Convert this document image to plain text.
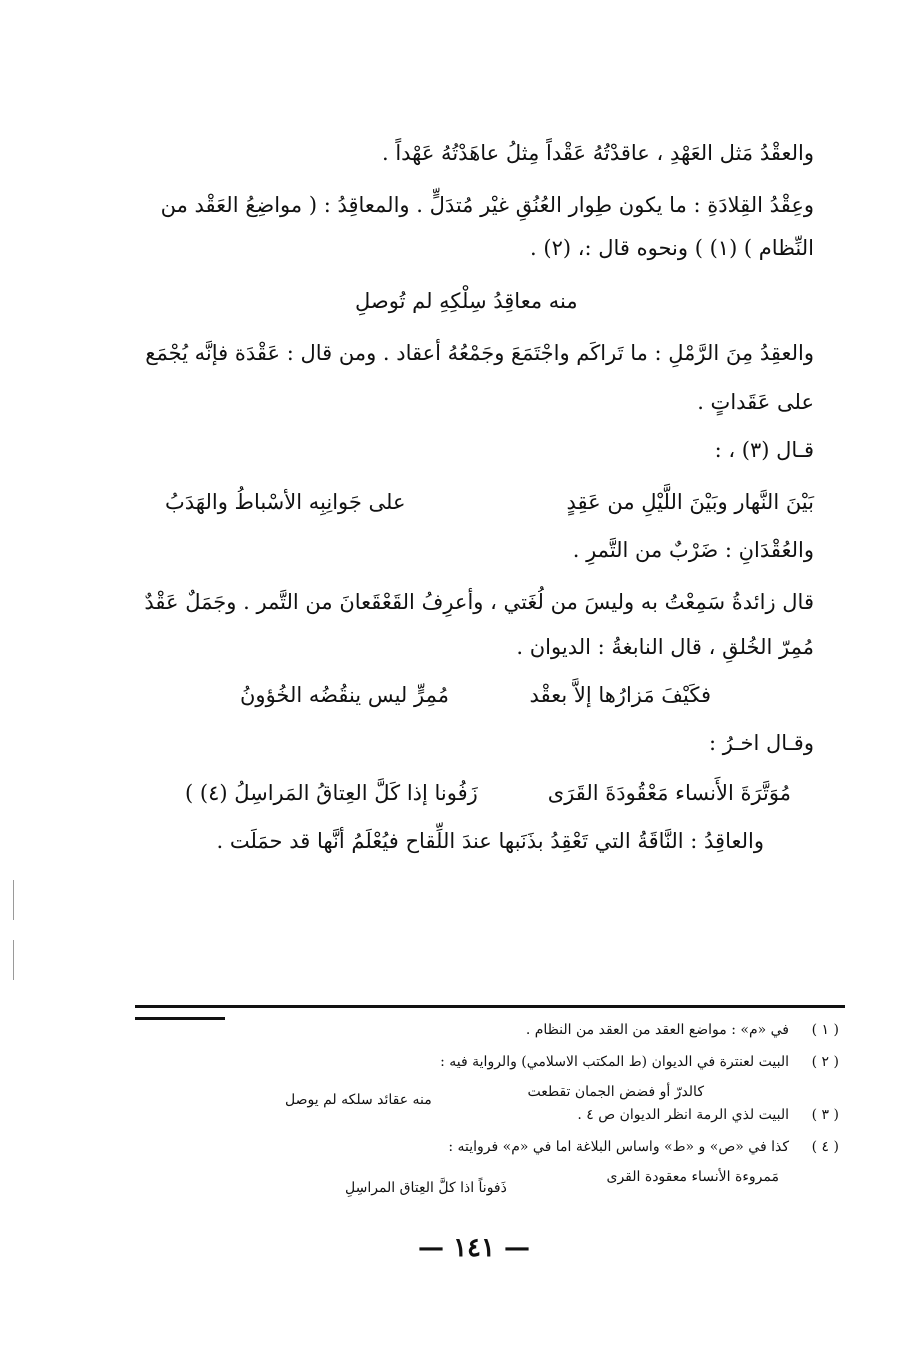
والعقْدُ مَثل العَهْدِ ، عاقدْتُهُ عَقْداً مِثلُ عاهَدْتُهُ عَهْداً .
وعِقْدُ القِلادَةِ : ما يكون طِوار العُنُقِ غيْر مُتدَلٍّ . والمعاقِدُ : ( مواضِعُ العَقْد من
النِّظام ) (١) ) ونحوه قال :، (٢) .
منه معاقِدُ سِلْكِهِ لم تُوصلِ
والعقِدُ مِنَ الرَّمْلِ : ما تَراكَم واجْتَمَعَ وجَمْعُهُ أعقاد . ومن قال : عَقْدَة فإنَّه يُجْمَع
على عَقَداتٍ .
قـال (٣) ، :
بَيْنَ النَّهار وبَيْنَ اللَّيْلِ من عَقِدٍ
على جَوانِبِه الأسْباطُ والهَدَبُ
والعُقْدَانِ : ضَرْبٌ من التَّمرِ .
قال زائدةُ سَمِعْتُ به وليسَ من لُغَتي ، وأعرِفُ القَعْقَعانَ من التَّمر . وجَمَلٌ عَقْدٌ
مُمِرّ الخُلقِ ، قال النابغةُ : الديوان .
فكَيْفَ مَزارُها إلاَّ بعقْد
مُمِرٍّ ليس ينقُضُه الخُؤونُ
وقـال اخـرُ :
مُوَتَّرَةَ الأَنساء مَعْقُودَةَ القَرَى
زَفُونا إذا كَلَّ العِتاقُ المَراسِلُ (٤) )
والعاقِدُ : النَّاقَةُ التي تَعْقِدُ بذَنَبها عندَ اللِّقاح فيُعْلَمُ أنَّها قد حمَلَت .
( ١ )
في «م» : مواضع العقد من العقد من النظام .
( ٢ )
البيت لعنترة في الديوان (ط المكتب الاسلامي) والرواية فيه :
كالدرّ أو فضض الجمان تقطعت
منه عقائد سلكه لم يوصل
( ٣ )
البيت لذي الرمة انظر الديوان ص ٤ .
( ٤ )
كذا في «ص» و «ط» واساس البلاغة اما في «م» فروايته :
مَمروءة الأنساء معقودة القرى
ذَفوناً اذا كلَّ العِتاق المراسِلِ
— ١٤١ —
